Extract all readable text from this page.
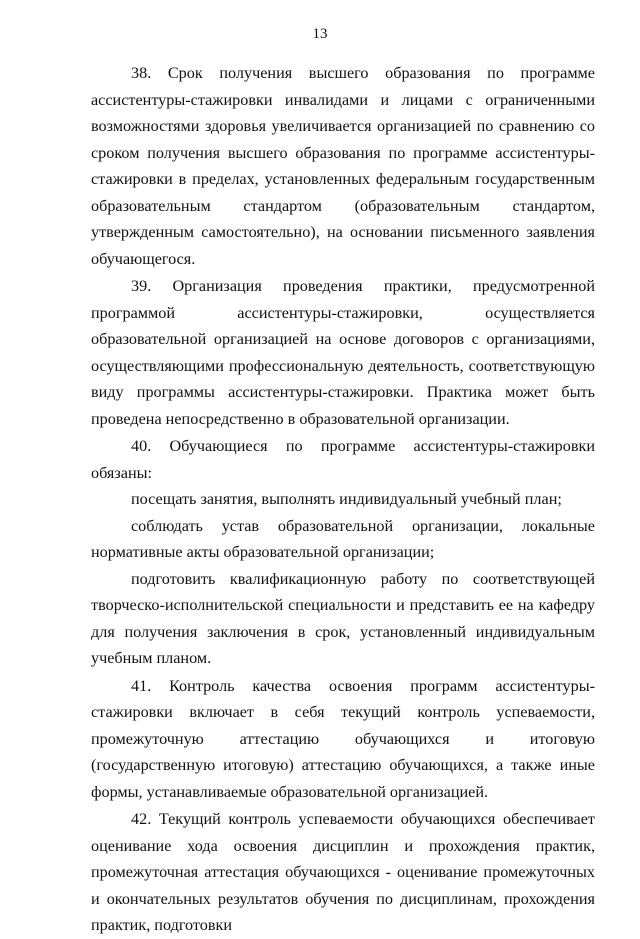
13

38. Срок получения высшего образования по программе ассистентуры-стажировки инвалидами и лицами с ограниченными возможностями здоровья увеличивается организацией по сравнению со сроком получения высшего образования по программе ассистентуры-стажировки в пределах, установленных федеральным государственным образовательным стандартом (образовательным стандартом, утвержденным самостоятельно), на основании письменного заявления обучающегося.

39. Организация проведения практики, предусмотренной программой ассистентуры-стажировки, осуществляется образовательной организацией на основе договоров с организациями, осуществляющими профессиональную деятельность, соответствующую виду программы ассистентуры-стажировки. Практика может быть проведена непосредственно в образовательной организации.

40. Обучающиеся по программе ассистентуры-стажировки обязаны:

посещать занятия, выполнять индивидуальный учебный план;

соблюдать устав образовательной организации, локальные нормативные акты образовательной организации;

подготовить квалификационную работу по соответствующей творческо-исполнительской специальности и представить ее на кафедру для получения заключения в срок, установленный индивидуальным учебным планом.

41. Контроль качества освоения программ ассистентуры-стажировки включает в себя текущий контроль успеваемости, промежуточную аттестацию обучающихся и итоговую (государственную итоговую) аттестацию обучающихся, а также иные формы, устанавливаемые образовательной организацией.

42. Текущий контроль успеваемости обучающихся обеспечивает оценивание хода освоения дисциплин и прохождения практик, промежуточная аттестация обучающихся - оценивание промежуточных и окончательных результатов обучения по дисциплинам, прохождения практик, подготовки
